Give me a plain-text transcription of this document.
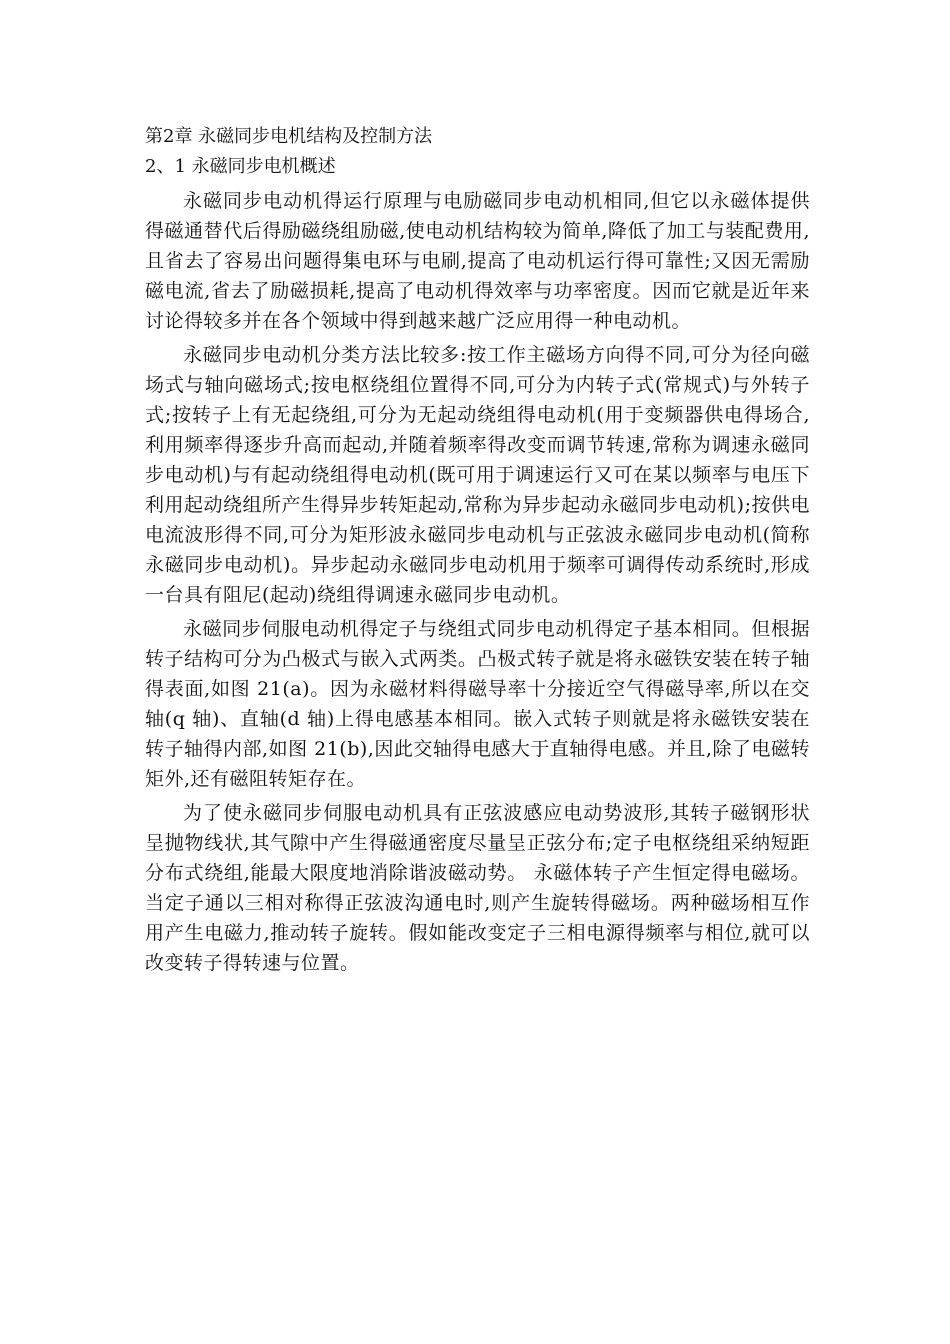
第2章 永磁同步电机结构及控制方法
2、1 永磁同步电机概述

永磁同步电动机得运行原理与电励磁同步电动机相同,但它以永磁体提供得磁通替代后得励磁绕组励磁,使电动机结构较为简单,降低了加工与装配费用,且省去了容易出问题得集电环与电刷,提高了电动机运行得可靠性;又因无需励磁电流,省去了励磁损耗,提高了电动机得效率与功率密度。因而它就是近年来讨论得较多并在各个领域中得到越来越广泛应用得一种电动机。

永磁同步电动机分类方法比较多:按工作主磁场方向得不同,可分为径向磁场式与轴向磁场式;按电枢绕组位置得不同,可分为内转子式(常规式)与外转子式;按转子上有无起绕组,可分为无起动绕组得电动机(用于变频器供电得场合,利用频率得逐步升高而起动,并随着频率得改变而调节转速,常称为调速永磁同步电动机)与有起动绕组得电动机(既可用于调速运行又可在某以频率与电压下利用起动绕组所产生得异步转矩起动,常称为异步起动永磁同步电动机);按供电电流波形得不同,可分为矩形波永磁同步电动机与正弦波永磁同步电动机(简称永磁同步电动机)。异步起动永磁同步电动机用于频率可调得传动系统时,形成一台具有阻尼(起动)绕组得调速永磁同步电动机。

永磁同步伺服电动机得定子与绕组式同步电动机得定子基本相同。但根据转子结构可分为凸极式与嵌入式两类。凸极式转子就是将永磁铁安装在转子轴得表面,如图 21(a)。因为永磁材料得磁导率十分接近空气得磁导率,所以在交轴(q 轴)、直轴(d 轴)上得电感基本相同。嵌入式转子则就是将永磁铁安装在转子轴得内部,如图 21(b),因此交轴得电感大于直轴得电感。并且,除了电磁转矩外,还有磁阻转矩存在。

为了使永磁同步伺服电动机具有正弦波感应电动势波形,其转子磁钢形状呈抛物线状,其气隙中产生得磁通密度尽量呈正弦分布;定子电枢绕组采纳短距分布式绕组,能最大限度地消除谐波磁动势。 永磁体转子产生恒定得电磁场。当定子通以三相对称得正弦波沟通电时,则产生旋转得磁场。两种磁场相互作用产生电磁力,推动转子旋转。假如能改变定子三相电源得频率与相位,就可以改变转子得转速与位置。
